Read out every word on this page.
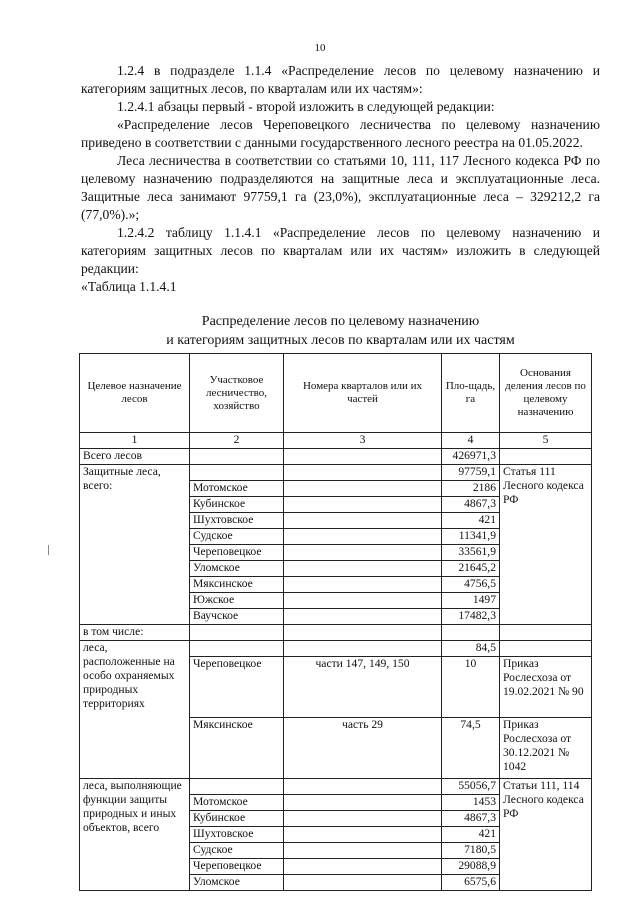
10

1.2.4 в подразделе 1.1.4 «Распределение лесов по целевому назначению и категориям защитных лесов, по кварталам или их частям»:

1.2.4.1 абзацы первый - второй изложить в следующей редакции:

«Распределение лесов Череповецкого лесничества по целевому назначению приведено в соответствии с данными государственного лесного реестра на 01.05.2022.

Леса лесничества в соответствии со статьями 10, 111, 117 Лесного кодекса РФ по целевому назначению подразделяются на защитные леса и эксплуатационные леса. Защитные леса занимают 97759,1 га (23,0%), эксплуатационные леса – 329212,2 га (77,0%).»;

1.2.4.2 таблицу 1.1.4.1 «Распределение лесов по целевому назначению и категориям защитных лесов по кварталам или их частям» изложить в следующей редакции:

«Таблица 1.1.4.1

Распределение лесов по целевому назначению
и категориям защитных лесов по кварталам или их частям
Целевое назначение лесов	Участковое лесничество, хозяйство	Номера кварталов или их частей	Пло-щадь, га	Основания деления лесов по целевому назначению
1	2	3	4	5
Всего лесов			426971,3	
Защитные леса, всего:			97759,1	Статья 111 Лесного кодекса РФ
	Мотомское		2186	
	Кубинское		4867,3	
	Шухтовское		421	
	Судское		11341,9	
	Череповецкое		33561,9	
	Уломское		21645,2	
	Мяксинское		4756,5	
	Южское		1497	
	Ваучское		17482,3	
в том числе:				
леса, расположенные на особо охраняемых природных территориях			84,5	
	Череповецкое	части 147, 149, 150	10	Приказ Рослесхоза от 19.02.2021 № 90
	Мяксинское	часть 29	74,5	Приказ Рослесхоза от 30.12.2021 № 1042
леса, выполняющие функции защиты природных и иных объектов, всего			55056,7	Статьи 111, 114 Лесного кодекса РФ
	Мотомское		1453	
	Кубинское		4867,3	
	Шухтовское		421	
	Судское		7180,5	
	Череповецкое		29088,9	
	Уломское		6575,6	
